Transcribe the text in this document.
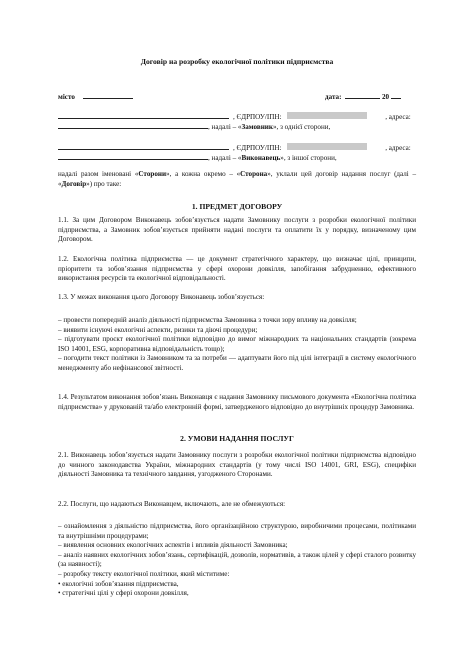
Договір на розробку екологічної політики підприємства
місто	дата:	20
, ЄДРПОУ/ІПН:	, адреса:
, надалі – «Замовник», з однієї сторони,
, ЄДРПОУ/ІПН:	, адреса:
, надалі – «Виконавець», з іншої сторони,
надалі разом іменовані «Сторони», а кожна окремо – «Сторона», уклали цей договір надання послуг (далі – «Договір») про таке:
1. ПРЕДМЕТ ДОГОВОРУ
1.1. За цим Договором Виконавець зобов’язується надати Замовнику послуги з розробки екологічної політики підприємства, а Замовник зобов’язується прийняти надані послуги та оплатити їх у порядку, визначеному цим Договором.
1.2. Екологічна політика підприємства — це документ стратегічного характеру, що визначає цілі, принципи, пріоритети та зобов’язання підприємства у сфері охорони довкілля, запобігання забрудненню, ефективного використання ресурсів та екологічної відповідальності.
1.3. У межах виконання цього Договору Виконавець зобов’язується:
– провести попередній аналіз діяльності підприємства Замовника з точки зору впливу на довкілля;
– виявити існуючі екологічні аспекти, ризики та діючі процедури;
– підготувати проєкт екологічної політики відповідно до вимог міжнародних та національних стандартів (зокрема ISO 14001, ESG, корпоративна відповідальність тощо);
– погодити текст політики із Замовником та за потреби — адаптувати його під цілі інтеграції в систему екологічного менеджменту або нефінансової звітності.
1.4. Результатом виконання зобов’язань Виконавця є надання Замовнику письмового документа «Екологічна політика підприємства» у друкованій та/або електронній формі, затвердженого відповідно до внутрішніх процедур Замовника.
2. УМОВИ НАДАННЯ ПОСЛУГ
2.1. Виконавець зобов’язується надати Замовнику послуги з розробки екологічної політики підприємства відповідно до чинного законодавства України, міжнародних стандартів (у тому числі ISO 14001, GRI, ESG), специфіки діяльності Замовника та технічного завдання, узгодженого Сторонами.
2.2. Послуги, що надаються Виконавцем, включають, але не обмежуються:
– ознайомлення з діяльністю підприємства, його організаційною структурою, виробничими процесами, політиками та внутрішніми процедурами;
– виявлення основних екологічних аспектів і впливів діяльності Замовника;
– аналіз наявних екологічних зобов’язань, сертифікацій, дозволів, нормативів, а також цілей у сфері сталого розвитку (за наявності);
– розробку тексту екологічної політики, який міститиме:
• екологічні зобов’язання підприємства,
• стратегічні цілі у сфері охорони довкілля,
